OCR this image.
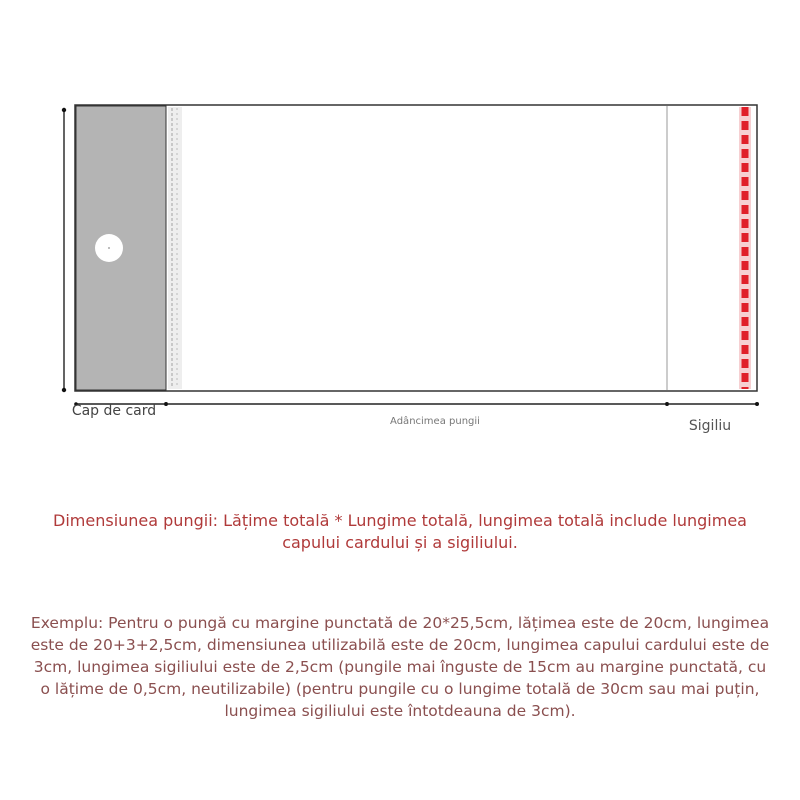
Cap de card
Adâncimea pungii	Sigiliu
Dimensiunea pungii: Lățime totală * Lungime totală, lungimea totală include lungimea capului cardului și a sigiliului.
Exemplu: Pentru o pungă cu margine punctată de 20*25,5cm, lățimea este de 20cm, lungimea este de 20+3+2,5cm, dimensiunea utilizabilă este de 20cm, lungimea capului cardului este de 3cm, lungimea sigiliului este de 2,5cm (pungile mai înguste de 15cm au margine punctată, cu o lățime de 0,5cm, neutilizabile) (pentru pungile cu o lungime totală de 30cm sau mai puțin, lungimea sigiliului este întotdeauna de 3cm).
